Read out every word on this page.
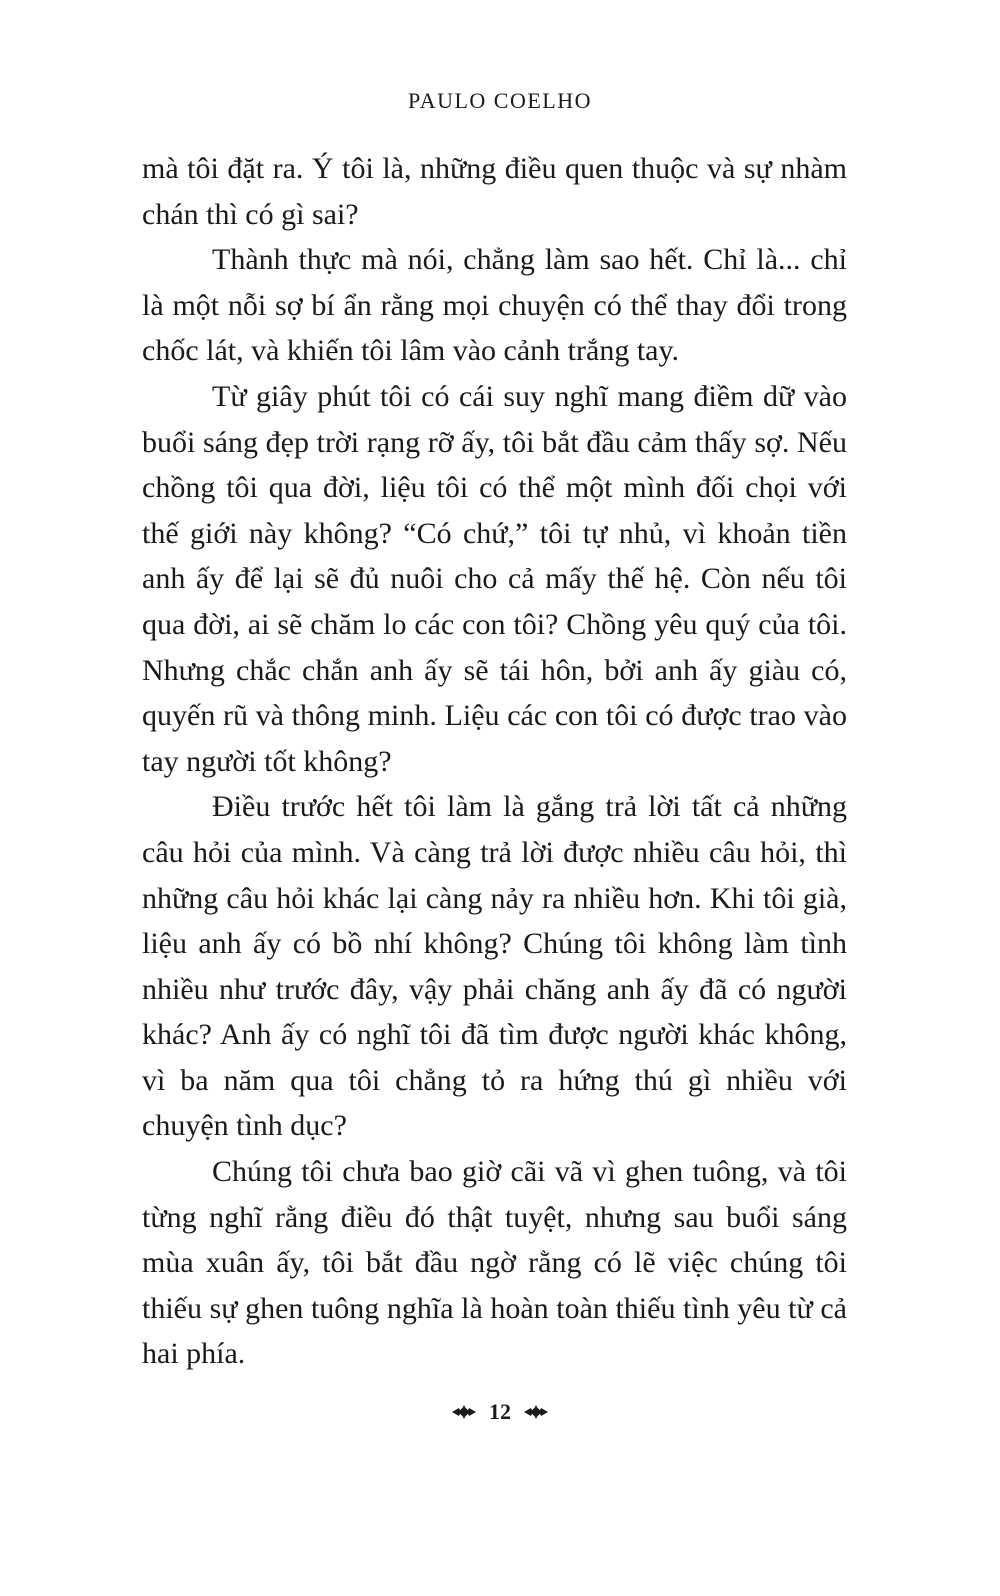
PAULO COELHO

mà tôi đặt ra. Ý tôi là, những điều quen thuộc và sự nhàm chán thì có gì sai?

Thành thực mà nói, chẳng làm sao hết. Chỉ là... chỉ là một nỗi sợ bí ẩn rằng mọi chuyện có thể thay đổi trong chốc lát, và khiến tôi lâm vào cảnh trắng tay.

Từ giây phút tôi có cái suy nghĩ mang điềm dữ vào buổi sáng đẹp trời rạng rỡ ấy, tôi bắt đầu cảm thấy sợ. Nếu chồng tôi qua đời, liệu tôi có thể một mình đối chọi với thế giới này không? “Có chứ,” tôi tự nhủ, vì khoản tiền anh ấy để lại sẽ đủ nuôi cho cả mấy thế hệ. Còn nếu tôi qua đời, ai sẽ chăm lo các con tôi? Chồng yêu quý của tôi. Nhưng chắc chắn anh ấy sẽ tái hôn, bởi anh ấy giàu có, quyến rũ và thông minh. Liệu các con tôi có được trao vào tay người tốt không?

Điều trước hết tôi làm là gắng trả lời tất cả những câu hỏi của mình. Và càng trả lời được nhiều câu hỏi, thì những câu hỏi khác lại càng nảy ra nhiều hơn. Khi tôi già, liệu anh ấy có bồ nhí không? Chúng tôi không làm tình nhiều như trước đây, vậy phải chăng anh ấy đã có người khác? Anh ấy có nghĩ tôi đã tìm được người khác không, vì ba năm qua tôi chẳng tỏ ra hứng thú gì nhiều với chuyện tình dục?

Chúng tôi chưa bao giờ cãi vã vì ghen tuông, và tôi từng nghĩ rằng điều đó thật tuyệt, nhưng sau buổi sáng mùa xuân ấy, tôi bắt đầu ngờ rằng có lẽ việc chúng tôi thiếu sự ghen tuông nghĩa là hoàn toàn thiếu tình yêu từ cả hai phía.

12
